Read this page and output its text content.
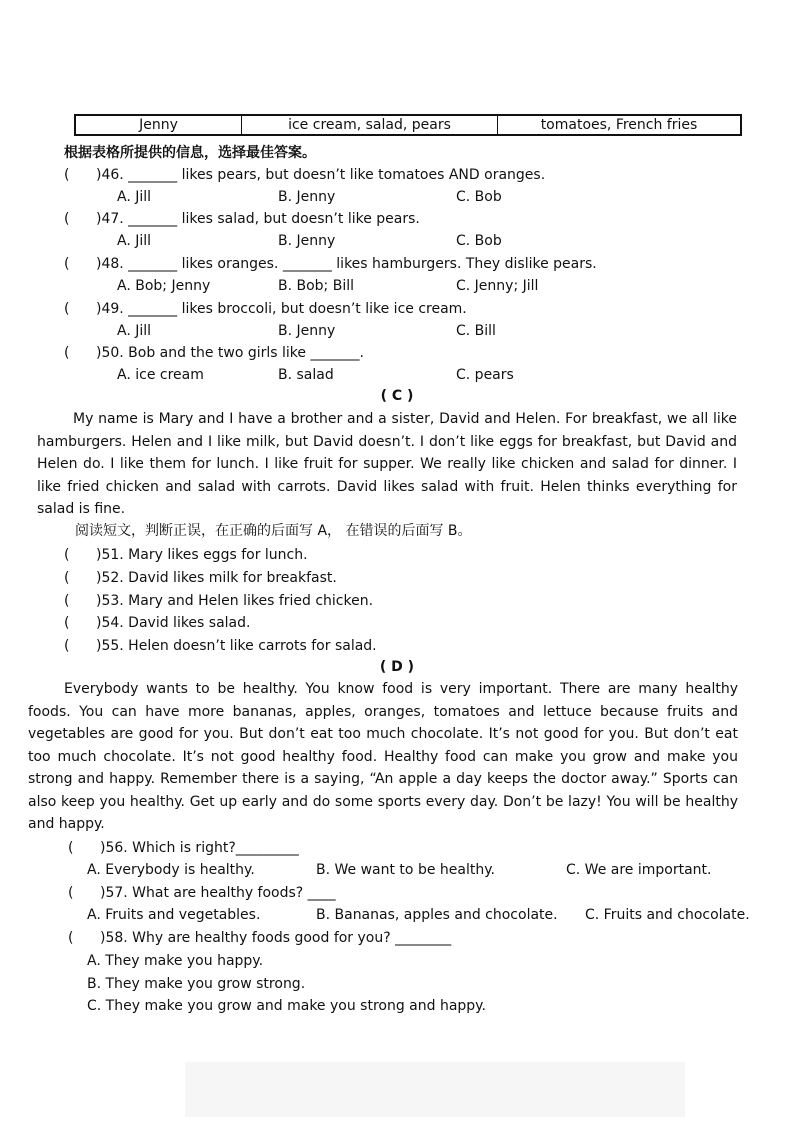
Jenny	ice cream, salad, pears	tomatoes, French fries
根据表格所提供的信息，选择最佳答案。
( )46. _______ likes pears, but doesn’t like tomatoes AND oranges.
A. Jill	B. Jenny	C. Bob
( )47. _______ likes salad, but doesn’t like pears.
A. Jill	B. Jenny	C. Bob
( )48. _______ likes oranges. _______ likes hamburgers. They dislike pears.
A. Bob; Jenny	B. Bob; Bill	C. Jenny; Jill
( )49. _______ likes broccoli, but doesn’t like ice cream.
A. Jill	B. Jenny	C. Bill
( )50. Bob and the two girls like _______.
A. ice cream	B. salad	C. pears
( C )
My name is Mary and I have a brother and a sister, David and Helen. For breakfast, we all like hamburgers. Helen and I like milk, but David doesn’t. I don’t like eggs for breakfast, but David and Helen do. I like them for lunch. I like fruit for supper. We really like chicken and salad for dinner. I like fried chicken and salad with carrots. David likes salad with fruit. Helen thinks everything for salad is fine.
阅读短文，判断正误，在正确的后面写 A， 在错误的后面写 B。
( )51. Mary likes eggs for lunch.
( )52. David likes milk for breakfast.
( )53. Mary and Helen likes fried chicken.
( )54. David likes salad.
( )55. Helen doesn’t like carrots for salad.
( D )
Everybody wants to be healthy. You know food is very important. There are many healthy foods. You can have more bananas, apples, oranges, tomatoes and lettuce because fruits and vegetables are good for you. But don’t eat too much chocolate. It’s not good for you. But don’t eat too much chocolate. It’s not good healthy food. Healthy food can make you grow and make you strong and happy. Remember there is a saying, “An apple a day keeps the doctor away.” Sports can also keep you healthy. Get up early and do some sports every day. Don’t be lazy! You will be healthy and happy.
( )56. Which is right?_________
A. Everybody is healthy.	B. We want to be healthy.	C. We are important.
( )57. What are healthy foods? ____
A. Fruits and vegetables.	B. Bananas, apples and chocolate. C. Fruits and chocolate.
( )58. Why are healthy foods good for you? ________
A. They make you happy.
B. They make you grow strong.
C. They make you grow and make you strong and happy.
